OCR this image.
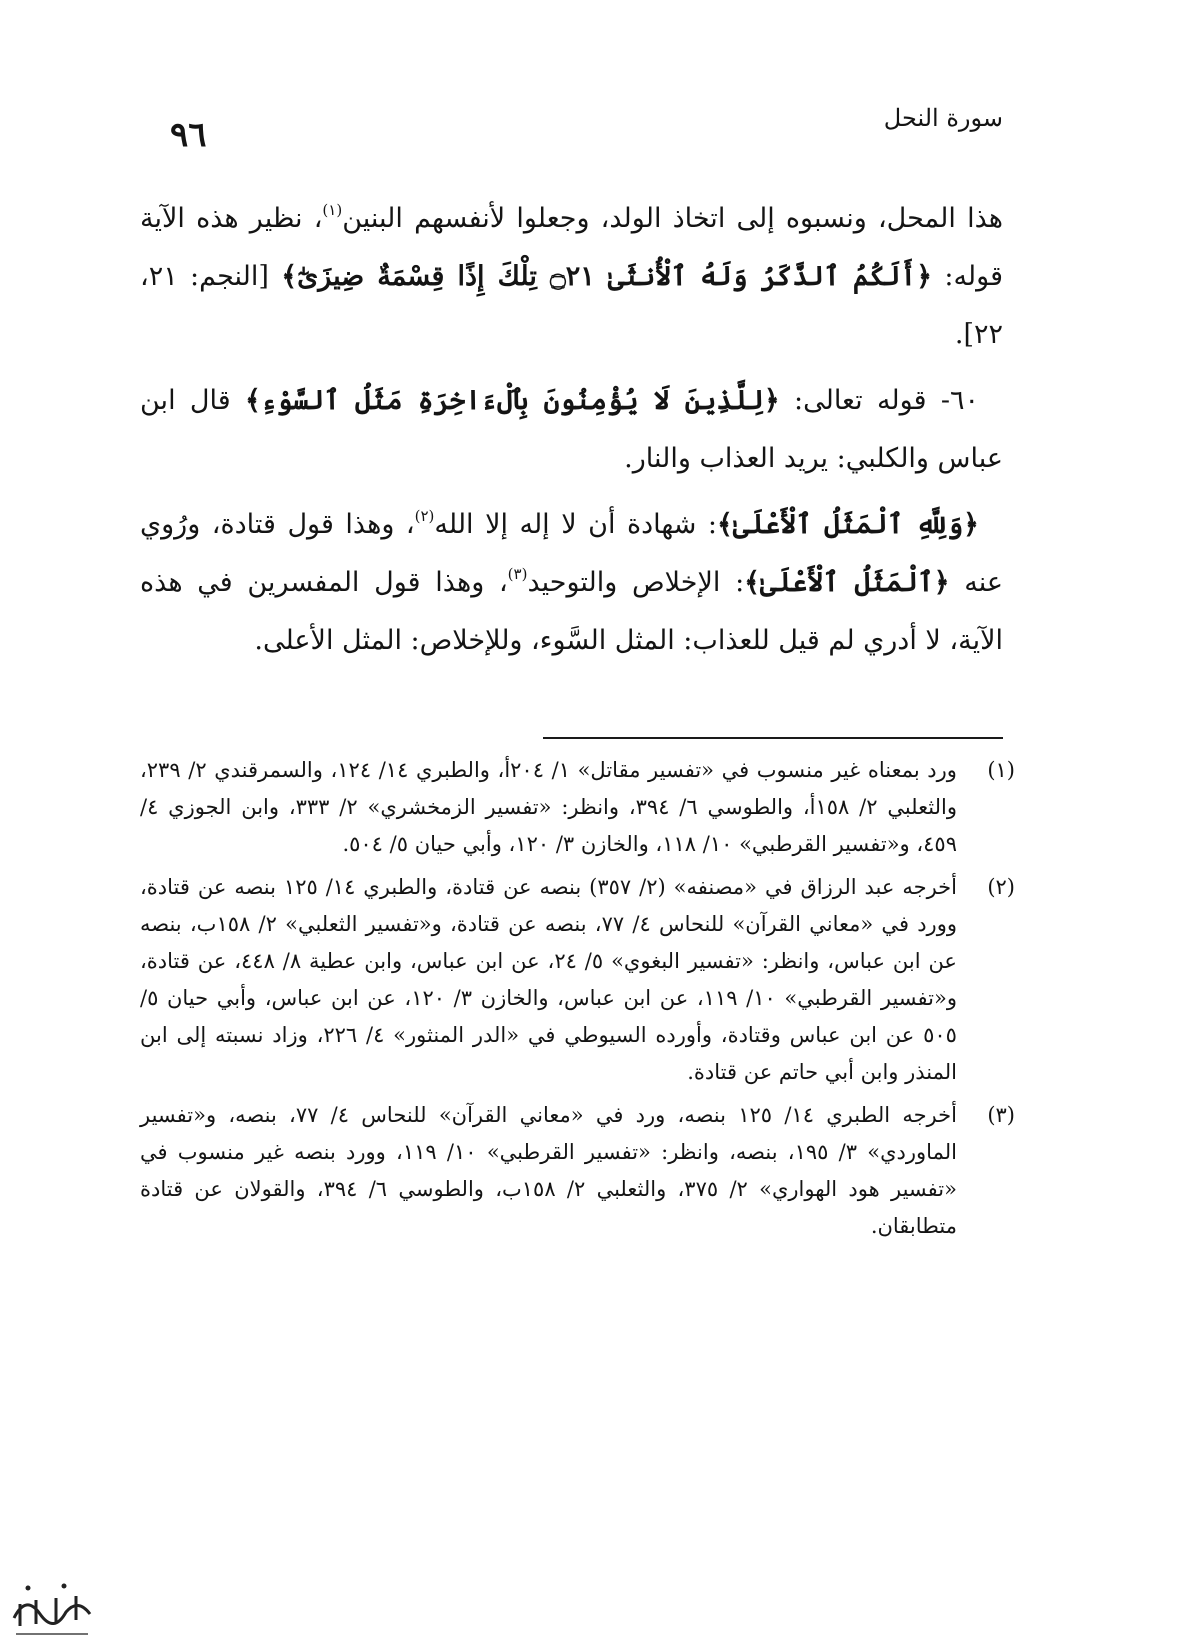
٩٦	سورة النحل

هذا المحل، ونسبوه إلى اتخاذ الولد، وجعلوا لأنفسهم البنين$^{(١)}$، نظير هذه الآية قوله: ﴿أَلَكُمُ ٱلذَّكَرُ وَلَهُ ٱلْأُنثَىٰ ۝٢١ تِلْكَ إِذًا قِسْمَةٌ ضِيزَىٰٓ﴾ [النجم: ٢١، ٢٢].

٦٠- قوله تعالى: ﴿لِلَّذِينَ لَا يُؤْمِنُونَ بِٱلْءَاخِرَةِ مَثَلُ ٱلسَّوْءِ﴾ قال ابن عباس والكلبي: يريد العذاب والنار.

﴿وَلِلَّهِ ٱلْمَثَلُ ٱلْأَعْلَىٰ﴾: شهادة أن لا إله إلا الله$^{(٢)}$، وهذا قول قتادة، ورُوي عنه ﴿ٱلْمَثَلُ ٱلْأَعْلَىٰ﴾: الإخلاص والتوحيد$^{(٣)}$، وهذا قول المفسرين في هذه الآية، لا أدري لم قيل للعذاب: المثل السَّوء، وللإخلاص: المثل الأعلى.

(١)
ورد بمعناه غير منسوب في «تفسير مقاتل» ١/ ٢٠٤أ، والطبري ١٤/ ١٢٤، والسمرقندي ٢/ ٢٣٩، والثعلبي ٢/ ١٥٨أ، والطوسي ٦/ ٣٩٤، وانظر: «تفسير الزمخشري» ٢/ ٣٣٣، وابن الجوزي ٤/ ٤٥٩، و«تفسير القرطبي» ١٠/ ١١٨، والخازن ٣/ ١٢٠، وأبي حيان ٥/ ٥٠٤.
(٢)
أخرجه عبد الرزاق في «مصنفه» (٢/ ٣٥٧) بنصه عن قتادة، والطبري ١٤/ ١٢٥ بنصه عن قتادة، وورد في «معاني القرآن» للنحاس ٤/ ٧٧، بنصه عن قتادة، و«تفسير الثعلبي» ٢/ ١٥٨ب، بنصه عن ابن عباس، وانظر: «تفسير البغوي» ٥/ ٢٤، عن ابن عباس، وابن عطية ٨/ ٤٤٨، عن قتادة، و«تفسير القرطبي» ١٠/ ١١٩، عن ابن عباس، والخازن ٣/ ١٢٠، عن ابن عباس، وأبي حيان ٥/ ٥٠٥ عن ابن عباس وقتادة، وأورده السيوطي في «الدر المنثور» ٤/ ٢٢٦، وزاد نسبته إلى ابن المنذر وابن أبي حاتم عن قتادة.
(٣)
أخرجه الطبري ١٤/ ١٢٥ بنصه، ورد في «معاني القرآن» للنحاس ٤/ ٧٧، بنصه، و«تفسير الماوردي» ٣/ ١٩٥، بنصه، وانظر: «تفسير القرطبي» ١٠/ ١١٩، وورد بنصه غير منسوب في «تفسير هود الهواري» ٢/ ٣٧٥، والثعلبي ٢/ ١٥٨ب، والطوسي ٦/ ٣٩٤، والقولان عن قتادة متطابقان.
